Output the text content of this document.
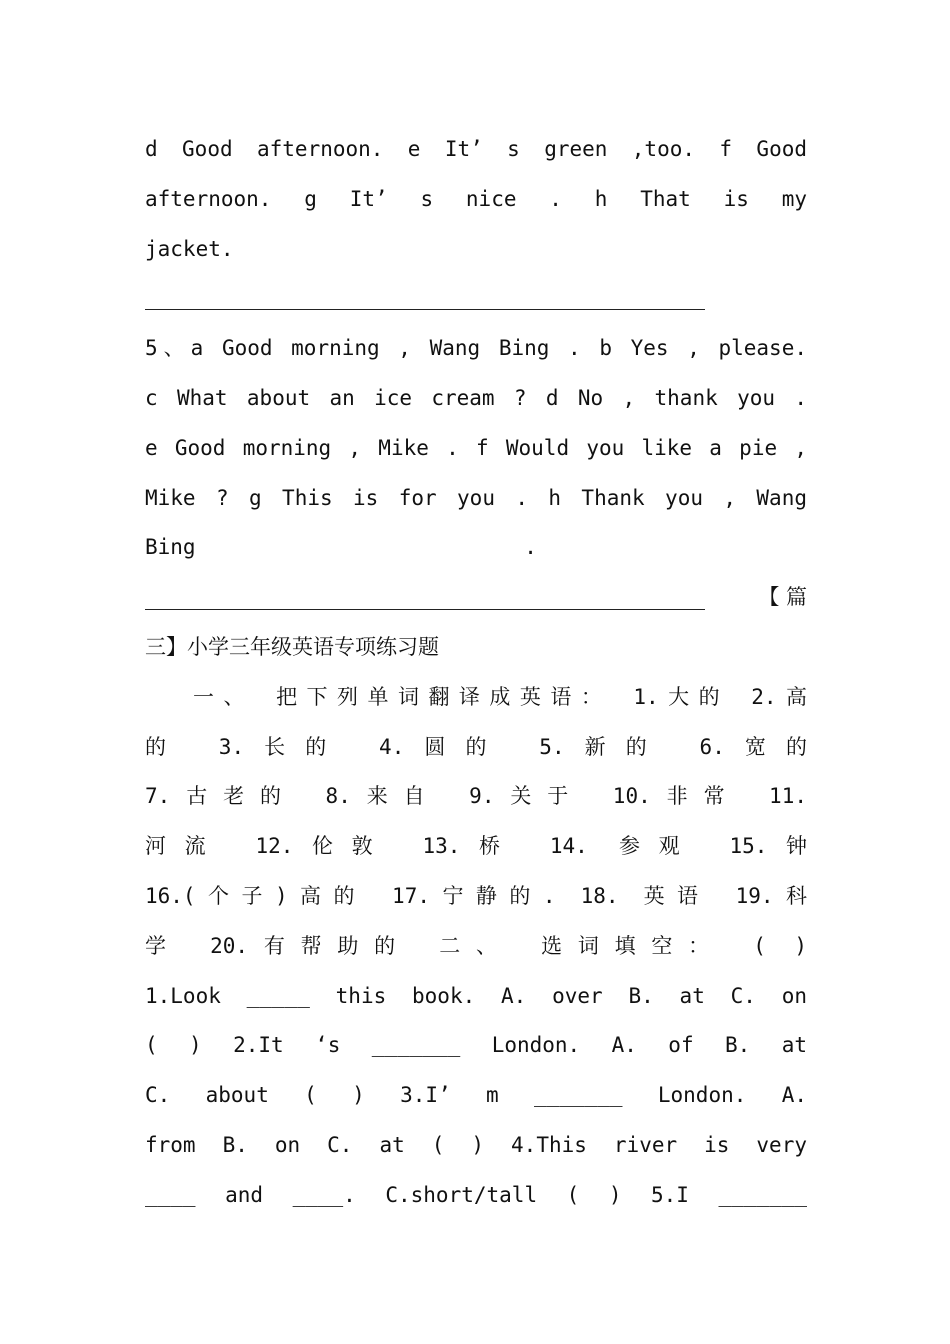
d Good afternoon. e It’ s green ,too. f Good
afternoon. g It’ s nice . h That is my
jacket.
5、a Good morning , Wang Bing . b Yes , please.
c What about an ice cream ? d No , thank you .
e Good morning , Mike . f Would you like a pie ,
Mike ? g This is for you . h Thank you , Wang
Bing                          .
【 篇
三】小学三年级英语专项练习题
一、 把下列单词翻译成英语： 1.大的 2.高
的 3.长的 4.圆的 5.新的 6.宽的
7.古老的 8.来自 9.关于 10.非常 11.
河流 12.伦敦 13.桥 14. 参观 15.钟
16.(个子)高的 17.宁静的. 18. 英语 19.科
学 20.有帮助的 二、 选词填空： ( )
1.Look _____ this book. A. over B. at C. on
( ) 2.It ‘s _______ London. A. of B. at
C. about ( ) 3.I’ m _______ London. A.
from B. on C. at ( ) 4.This river is very
____ and ____. C.short/tall ( ) 5.I _______
